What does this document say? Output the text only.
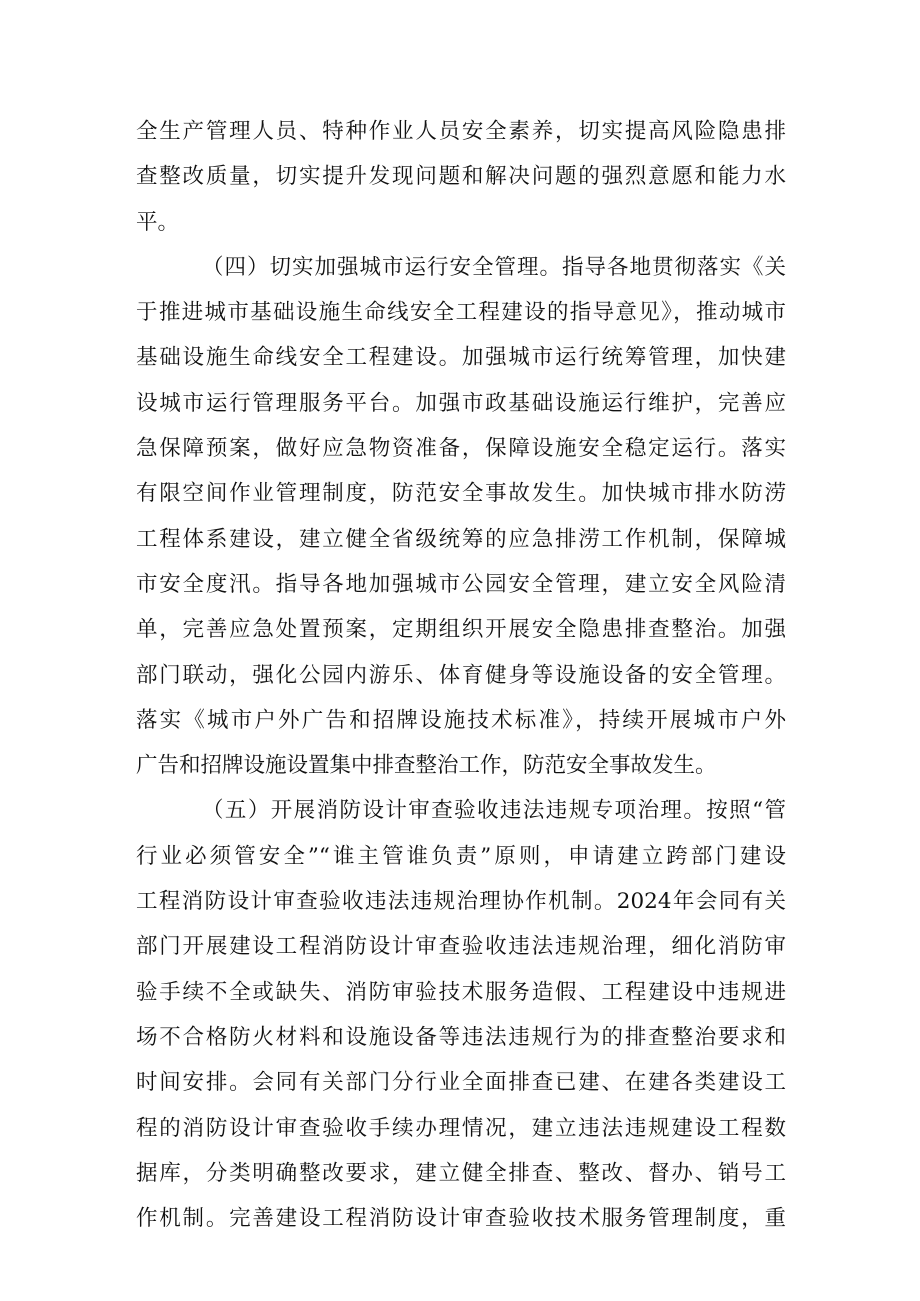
全生产管理人员、特种作业人员安全素养，切实提高风险隐患排
查整改质量，切实提升发现问题和解决问题的强烈意愿和能力水
平。
（四）切实加强城市运行安全管理。指导各地贯彻落实《关
于推进城市基础设施生命线安全工程建设的指导意见》，推动城市
基础设施生命线安全工程建设。加强城市运行统筹管理，加快建
设城市运行管理服务平台。加强市政基础设施运行维护，完善应
急保障预案，做好应急物资准备，保障设施安全稳定运行。落实
有限空间作业管理制度，防范安全事故发生。加快城市排水防涝
工程体系建设，建立健全省级统筹的应急排涝工作机制，保障城
市安全度汛。指导各地加强城市公园安全管理，建立安全风险清
单，完善应急处置预案，定期组织开展安全隐患排查整治。加强
部门联动，强化公园内游乐、体育健身等设施设备的安全管理。
落实《城市户外广告和招牌设施技术标准》，持续开展城市户外
广告和招牌设施设置集中排查整治工作，防范安全事故发生。
（五）开展消防设计审查验收违法违规专项治理。按照“管
行业必须管安全”“谁主管谁负责”原则，申请建立跨部门建设
工程消防设计审查验收违法违规治理协作机制。2024年会同有关
部门开展建设工程消防设计审查验收违法违规治理，细化消防审
验手续不全或缺失、消防审验技术服务造假、工程建设中违规进
场不合格防火材料和设施设备等违法违规行为的排查整治要求和
时间安排。会同有关部门分行业全面排查已建、在建各类建设工
程的消防设计审查验收手续办理情况，建立违法违规建设工程数
据库，分类明确整改要求，建立健全排查、整改、督办、销号工
作机制。完善建设工程消防设计审查验收技术服务管理制度，重
